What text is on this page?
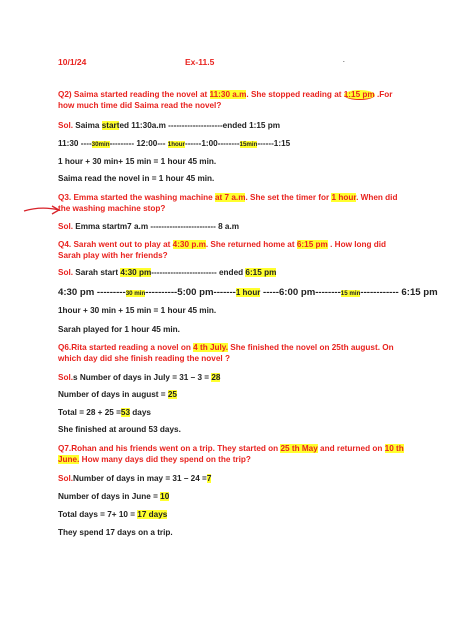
10/1/24	Ex-11.5	.
Q2) Saima started reading the novel at 11:30 a.m. She stopped reading at 1:15 pm .For
how much time did Saima read the novel?
Sol. Saima started 11:30a.m --------------------ended 1:15 pm
11:30 ----30min--------- 12:00--- 1hour------1:00--------15min------1:15
1 hour + 30 min+ 15 min = 1 hour 45 min.
Saima read the novel in = 1 hour 45 min.
Q3. Emma started the washing machine at 7 a.m. She set the timer for 1 hour. When did
the washing machine stop?
Sol. Emma startm7 a.m ------------------------ 8 a.m
Q4. Sarah went out to play at 4:30 p.m. She returned home at 6:15 pm . How long did
Sarah play with her friends?
Sol. Sarah start 4:30 pm------------------------ ended 6:15 pm
4:30 pm ---------30 min----------5:00 pm-------1 hour -----6:00 pm--------15 min------------ 6:15 pm
1hour + 30 min + 15 min = 1 hour 45 min.
Sarah played for 1 hour 45 min.
Q6.Rita started reading a novel on 4 th July. She finished the novel on 25th august. On
which day did she finish reading the novel ?
Sol.s Number of days in July = 31 – 3 = 28
Number of days in august = 25
Total = 28 + 25 =53 days
She finished at around 53 days.
Q7.Rohan and his friends went on a trip. They started on 25 th May and returned on 10 th
June. How many days did they spend on the trip?
Sol.Number of days in may = 31 – 24 =7
Number of days in June = 10
Total days = 7+ 10 = 17 days
They spend 17 days on a trip.
